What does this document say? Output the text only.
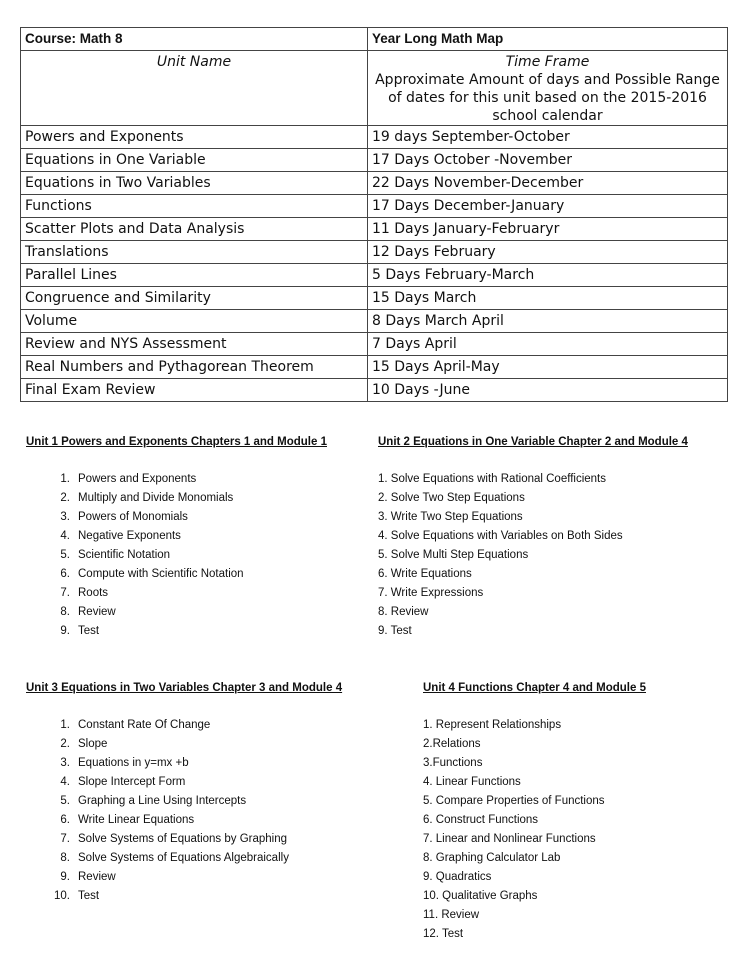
Course: Math 8	Year Long Math Map
Unit Name	Time Frame
Approximate Amount of days and Possible Range of dates for this unit based on the 2015-2016 school calendar
Powers and Exponents	19 days September-October
Equations in One Variable	17 Days October -November
Equations in Two Variables	22 Days November-December
Functions	17 Days December-January
Scatter Plots and Data Analysis	11 Days January-Februaryr
Translations	12 Days February
Parallel Lines	5 Days February-March
Congruence and Similarity	15 Days March
Volume	8 Days March April
Review and NYS Assessment	7 Days April
Real Numbers and Pythagorean Theorem	15 Days April-May
Final Exam Review	10 Days -June
Unit 1 Powers and Exponents Chapters 1 and Module 1
1. Powers and Exponents
2. Multiply and Divide Monomials
3. Powers of Monomials
4. Negative Exponents
5. Scientific Notation
6. Compute with Scientific Notation
7. Roots
8. Review
9. Test
Unit 2 Equations in One Variable Chapter 2 and Module 4
1. Solve Equations with Rational Coefficients
2. Solve Two Step Equations
3. Write Two Step Equations
4. Solve Equations with Variables on Both Sides
5. Solve Multi Step Equations
6. Write Equations
7. Write Expressions
8. Review
9. Test
Unit 3 Equations in Two Variables Chapter 3 and Module 4
1. Constant Rate Of Change
2. Slope
3. Equations in y=mx +b
4. Slope Intercept Form
5. Graphing a Line Using Intercepts
6. Write Linear Equations
7. Solve Systems of Equations by Graphing
8. Solve Systems of Equations Algebraically
9. Review
10. Test
Unit 4 Functions Chapter 4 and Module 5
1. Represent Relationships
2.Relations
3.Functions
4. Linear Functions
5. Compare Properties of Functions
6. Construct Functions
7. Linear and Nonlinear Functions
8. Graphing Calculator Lab
9. Quadratics
10. Qualitative Graphs
11. Review
12. Test
